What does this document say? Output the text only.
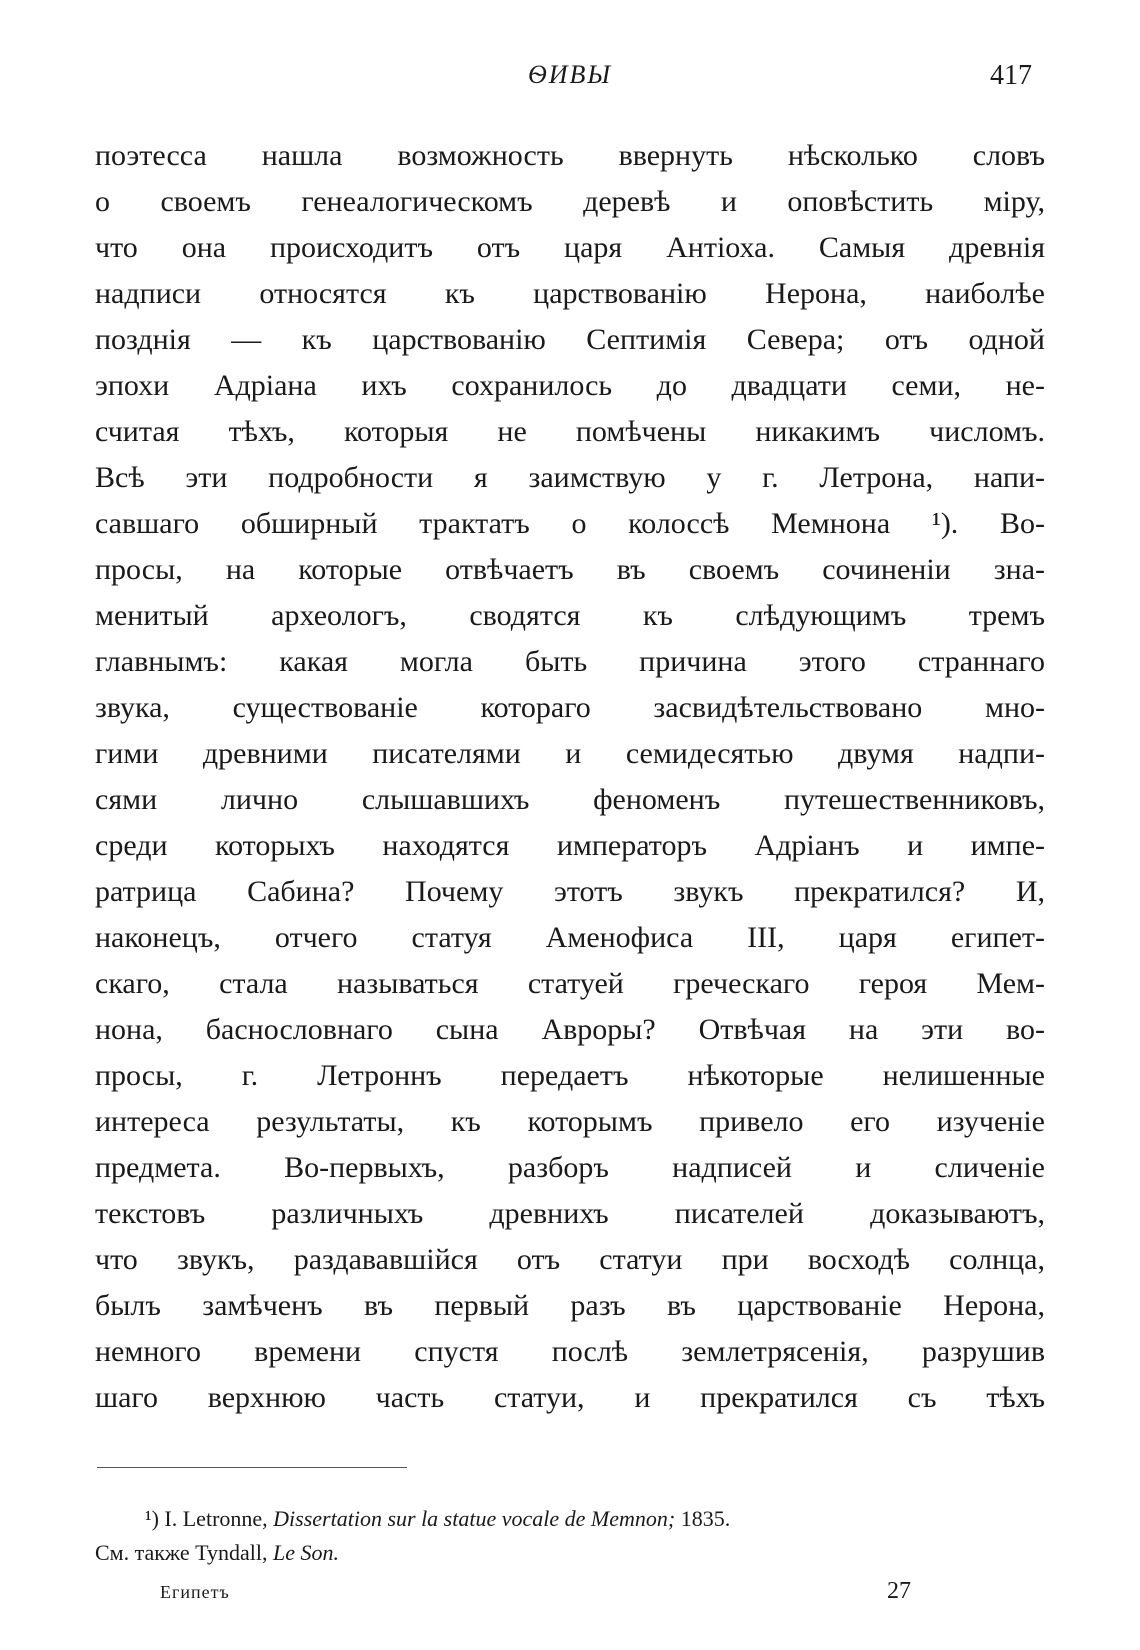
ѲИВЫ	417
поэтесса нашла возможность ввернуть нѣсколько словъ
о своемъ генеалогическомъ деревѣ и оповѣстить міру,
что она происходитъ отъ царя Антіоха. Самыя древнія
надписи относятся къ царствованію Нерона, наиболѣе
позднія — къ царствованію Септимія Севера; отъ одной
эпохи Адріана ихъ сохранилось до двадцати семи, не-
считая тѣхъ, которыя не помѣчены никакимъ числомъ.
Всѣ эти подробности я заимствую у г. Летрона, напи-
савшаго обширный трактатъ о колоссѣ Мемнона ¹). Во-
просы, на которые отвѣчаетъ въ своемъ сочиненіи зна-
менитый археологъ, сводятся къ слѣдующимъ тремъ
главнымъ: какая могла быть причина этого страннаго
звука, существованіе котораго засвидѣтельствовано мно-
гими древними писателями и семидесятью двумя надпи-
сями лично слышавшихъ феноменъ путешественниковъ,
среди которыхъ находятся императоръ Адріанъ и импе-
ратрица Сабина? Почему этотъ звукъ прекратился? И,
наконецъ, отчего статуя Аменофиса III, царя египет-
скаго, стала называться статуей греческаго героя Мем-
нона, баснословнаго сына Авроры? Отвѣчая на эти во-
просы, г. Летроннъ передаетъ нѣкоторые нелишенные
интереса результаты, къ которымъ привело его изученіе
предмета. Во-первыхъ, разборъ надписей и сличеніе
текстовъ различныхъ древнихъ писателей доказываютъ,
что звукъ, раздававшійся отъ статуи при восходѣ солнца,
былъ замѣченъ въ первый разъ въ царствованіе Нерона,
немного времени спустя послѣ землетрясенія, разрушив
шаго верхнюю часть статуи, и прекратился съ тѣхъ
¹) I. Letronne, Dissertation sur la statue vocale de Memnon; 1835.
См. также Tyndall, Le Son.
Египетъ	27
